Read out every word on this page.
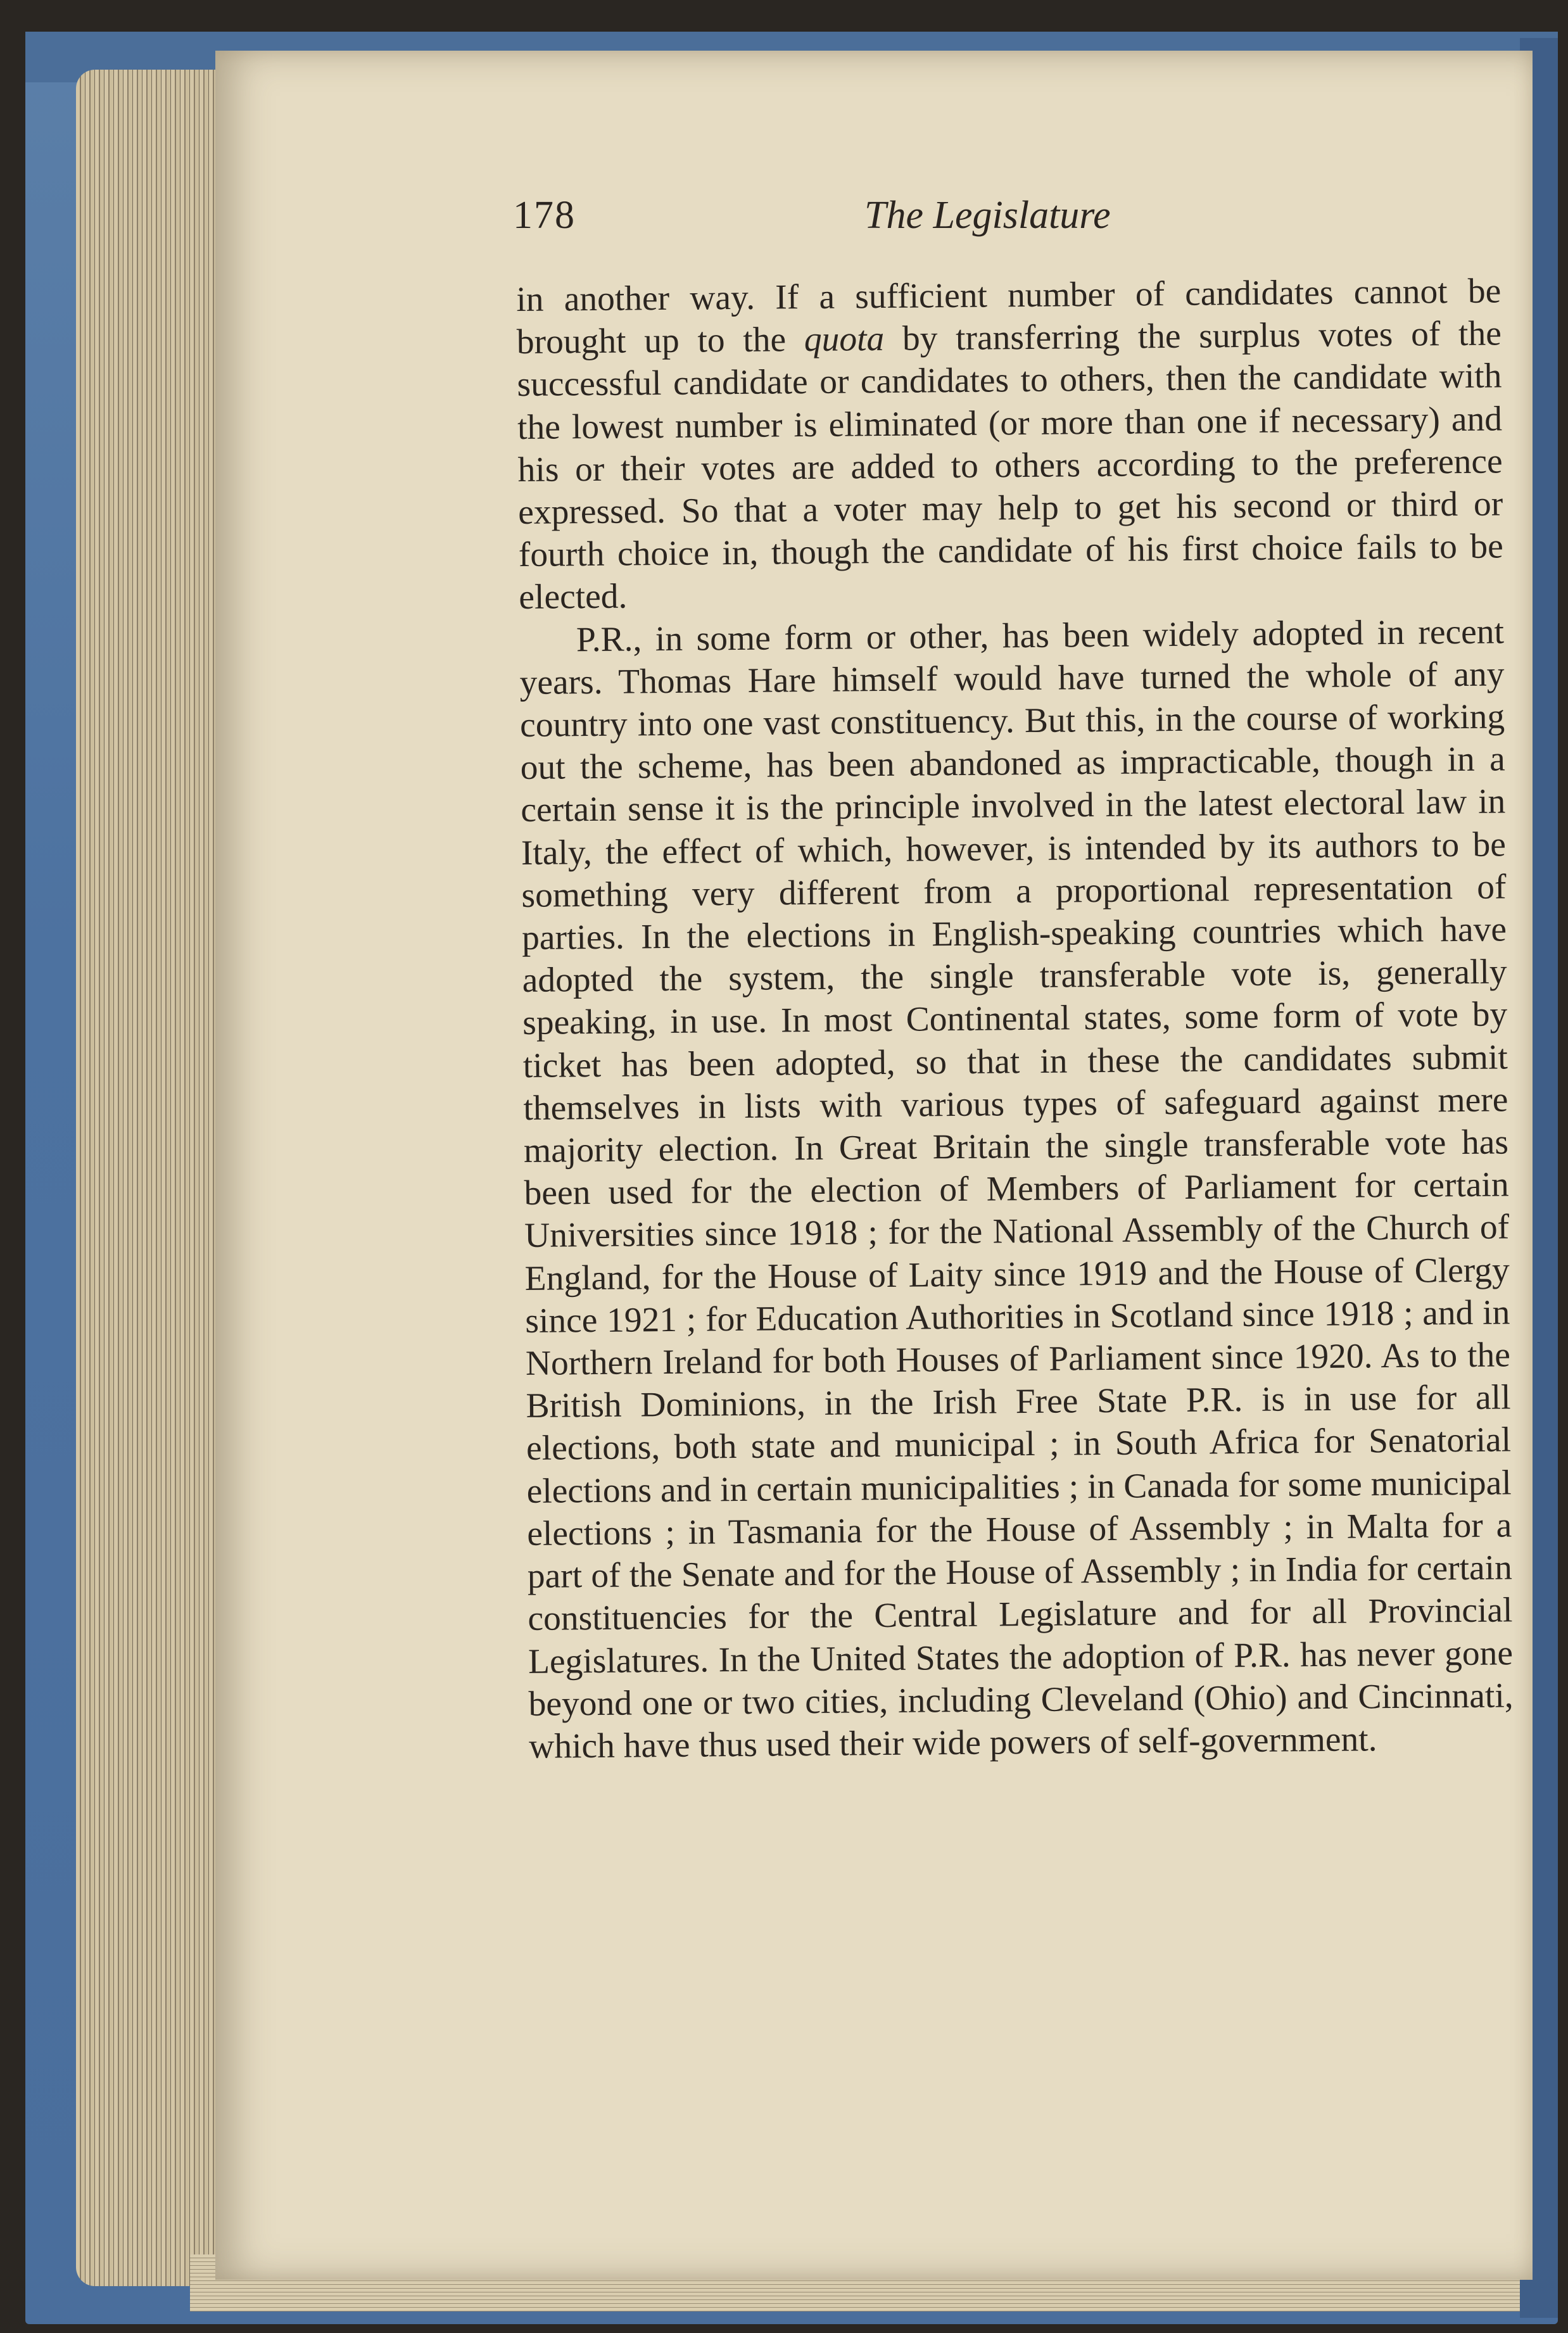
178	The Legislature

in another way. If a sufficient number of candidates cannot be brought up to the quota by transferring the surplus votes of the successful candidate or candidates to others, then the candidate with the lowest number is eliminated (or more than one if necessary) and his or their votes are added to others according to the preference expressed. So that a voter may help to get his second or third or fourth choice in, though the candidate of his first choice fails to be elected.

P.R., in some form or other, has been widely adopted in recent years. Thomas Hare himself would have turned the whole of any country into one vast constituency. But this, in the course of working out the scheme, has been abandoned as impracticable, though in a certain sense it is the principle involved in the latest electoral law in Italy, the effect of which, however, is intended by its authors to be something very different from a proportional representation of parties. In the elections in English-speaking countries which have adopted the system, the single transferable vote is, generally speaking, in use. In most Continental states, some form of vote by ticket has been adopted, so that in these the candidates submit themselves in lists with various types of safeguard against mere majority election. In Great Britain the single transferable vote has been used for the election of Members of Parliament for certain Universities since 1918 ; for the National Assembly of the Church of England, for the House of Laity since 1919 and the House of Clergy since 1921 ; for Education Authorities in Scotland since 1918 ; and in Northern Ireland for both Houses of Parliament since 1920. As to the British Dominions, in the Irish Free State P.R. is in use for all elections, both state and municipal ; in South Africa for Senatorial elections and in certain municipalities ; in Canada for some municipal elections ; in Tasmania for the House of Assembly ; in Malta for a part of the Senate and for the House of Assembly ; in India for certain constituencies for the Central Legislature and for all Provincial Legislatures. In the United States the adoption of P.R. has never gone beyond one or two cities, including Cleveland (Ohio) and Cincinnati, which have thus used their wide powers of self-government.
